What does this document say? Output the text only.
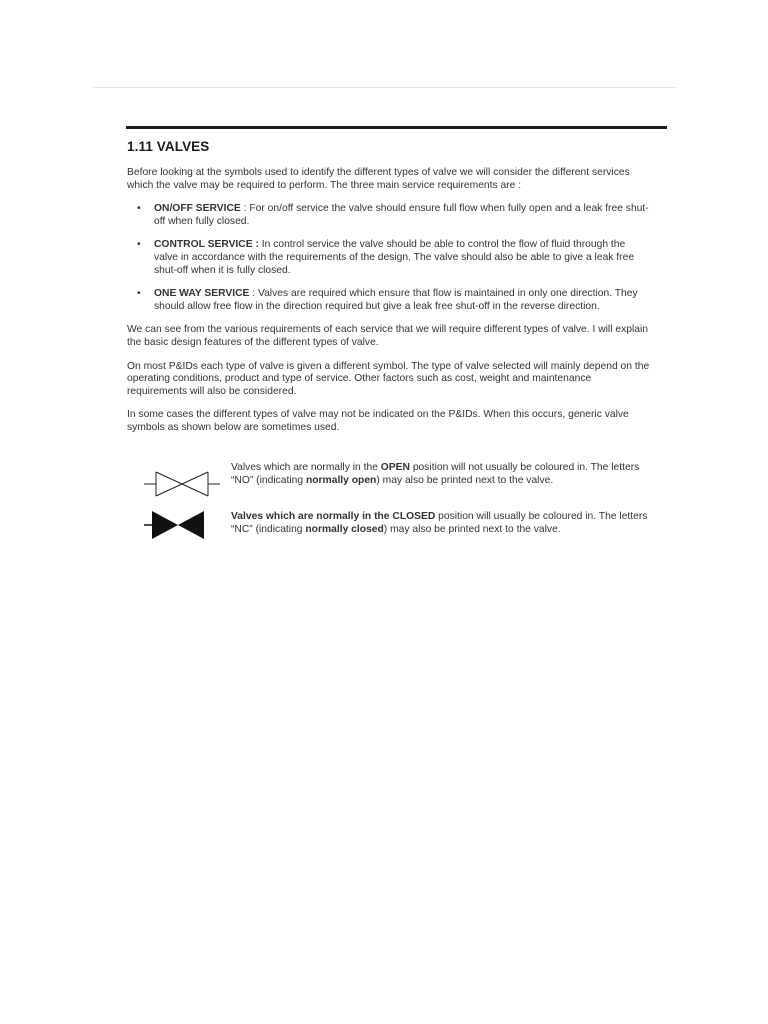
1.11 VALVES

Before looking at the symbols used to identify the different types of valve we will consider the different services which the valve may be required to perform. The three main service requirements are :

• ON/OFF SERVICE : For on/off service the valve should ensure full flow when fully open and a leak free shut-off when fully closed.
• CONTROL SERVICE : In control service the valve should be able to control the flow of fluid through the valve in accordance with the requirements of the design. The valve should also be able to give a leak free shut-off when it is fully closed.
• ONE WAY SERVICE : Valves are required which ensure that flow is maintained in only one direction. They should allow free flow in the direction required but give a leak free shut-off in the reverse direction.

We can see from the various requirements of each service that we will require different types of valve. I will explain the basic design features of the different types of valve.

On most P&IDs each type of valve is given a different symbol. The type of valve selected will mainly depend on the operating conditions, product and type of service. Other factors such as cost, weight and maintenance requirements will also be considered.

In some cases the different types of valve may not be indicated on the P&IDs. When this occurs, generic valve symbols as shown below are sometimes used.

Valves which are normally in the OPEN position will not usually be coloured in. The letters “NO” (indicating normally open) may also be printed next to the valve.
Valves which are normally in the CLOSED position will usually be coloured in. The letters “NC” (indicating normally closed) may also be printed next to the valve.
